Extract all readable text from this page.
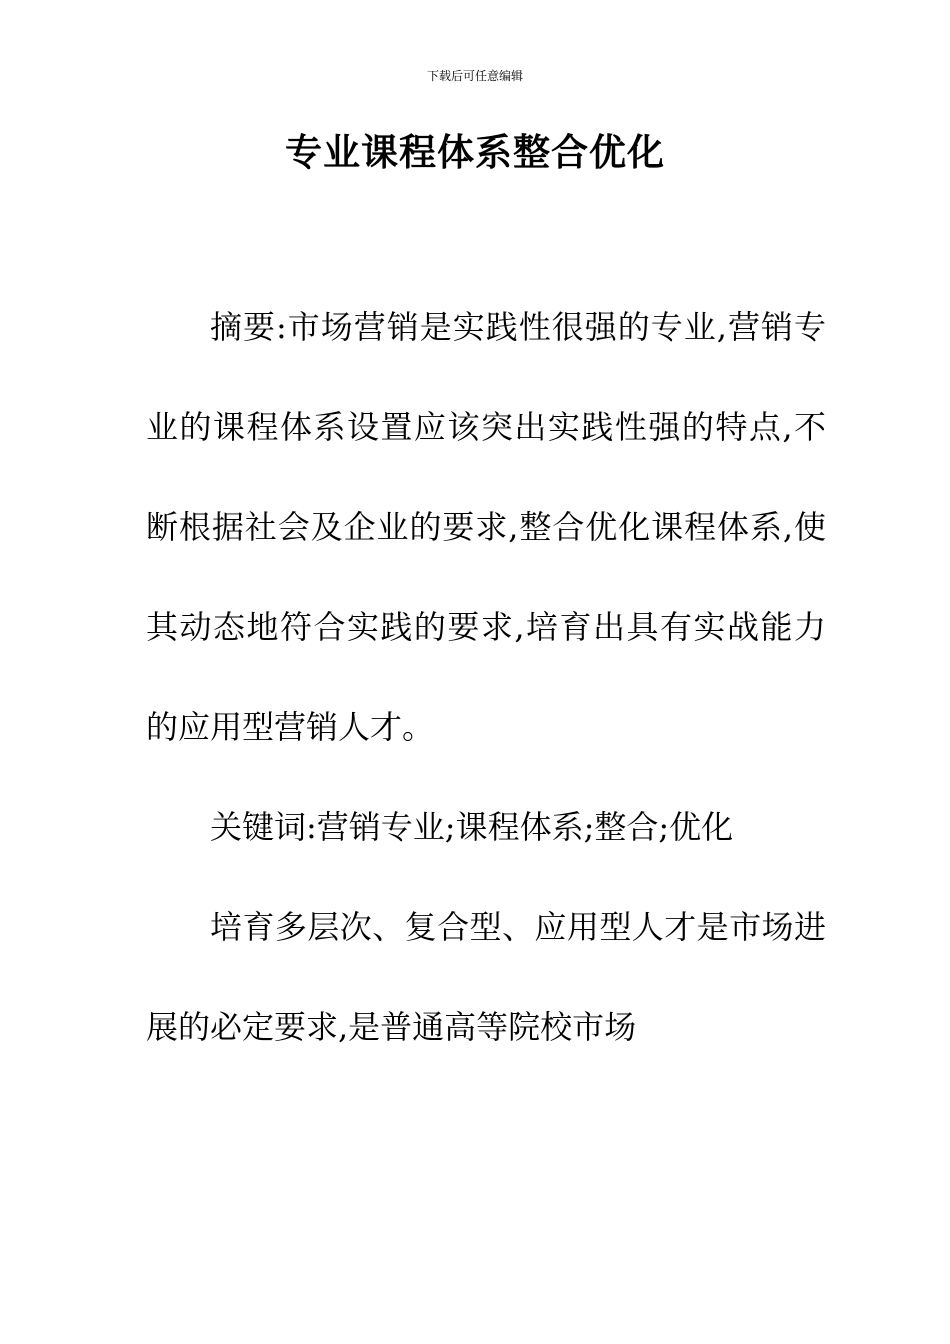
下载后可任意编辑
专业课程体系整合优化

摘要:市场营销是实践性很强的专业,营销专业的课程体系设置应该突出实践性强的特点,不断根据社会及企业的要求,整合优化课程体系,使其动态地符合实践的要求,培育出具有实战能力的应用型营销人才。

关键词:营销专业;课程体系;整合;优化

培育多层次、复合型、应用型人才是市场进展的必定要求,是普通高等院校市场
